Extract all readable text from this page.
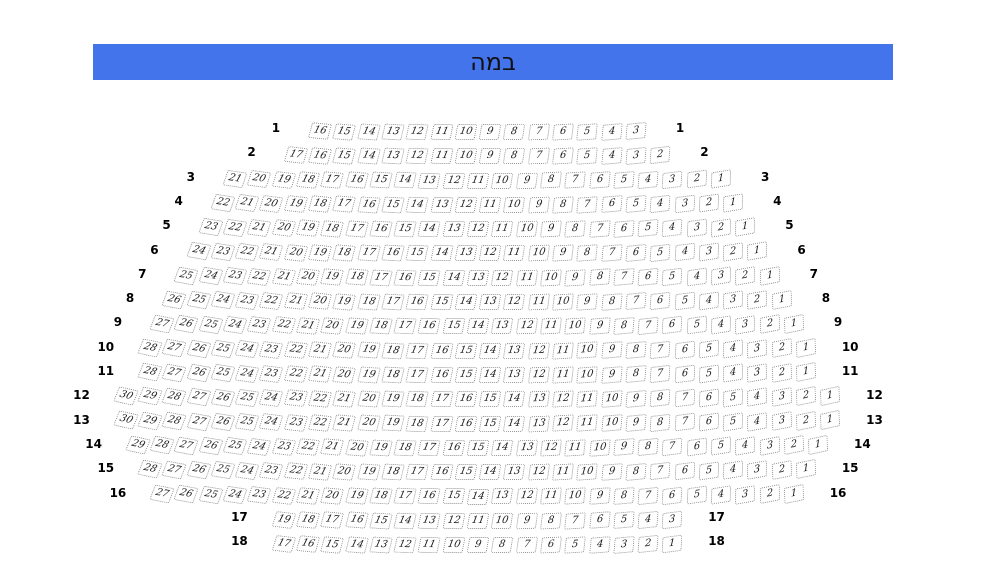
במה
1	1
16 15 14 13 12 11 10	9	8	7	6	5	4	3
2	2
17 16 15 14 13 12 11 10	9	8	7	6	5	4	3	2
3	3
21 20 19 18 17 16 15 14 13 12 11 10	9	8	7	6	5	4	3	2	1
4	4
22 21 20 19 18 17 16 15 14 13 12 11 10	9	8	7	6	5	4	3	2	1
5	5
23 22 21 20 19 18 17 16 15 14 13 12 11 10	9	8	7	6	5	4	3	2	1
6	6
24 23 22 21 20 19 18 17 16 15 14 13 12 11 10	9	8	7	6	5	4	3	2	1
7	7
25 24 23 22 21 20 19 18 17 16 15 14 13 12 11	10	9	8	7	6	5	4	3	2	1
8	8
26 25 24 23 22 21 20 19 18 17 16 15 14 13 12 11	10	9	8	7	6	5	4	3	2	1
9	9
27 26 25 24 23 22 21 20 19 18 17 16 15 14 13 12	11	10	9	8	7	6	5	4	3	2	1
10	10
28 27 26 25 24 23 22 21 20 19 18 17 16 15 14 13 12	11	10	9	8	7	6	5	4	3	2	1
11	11
28 27 26 25 24 23 22 21 20 19 18 17 16 15 14 13 12	11	10	9	8	7	6	5	4	3	2	1
12	12
30 29 28 27 26 25 24 23 22 21 20 19 18 17 16 15 14 13	12	11	10	9	8	7	6	5	4	3	2	1
13	13
30 29 28 27 26 25 24 23 22 21 20 19 18 17 16 15 14 13	12	11	10	9	8	7	6	5	4	3	2	1
14	14
29 28 27 26 25 24 23 22 21 20 19 18 17 16 15 14 13	12	11	10	9	8	7	6	5	4	3	2	1
15	15
28 27 26 25 24 23 22 21 20 19 18 17 16 15 14 13 12	11	10	9	8	7	6	5	4	3	2	1
16	16
27 26 25 24 23 22 21 20 19 18 17 16 15 14 13 12	11	10	9	8	7	6	5	4	3	2	1
17	17
19 18 17 16 15 14 13 12 11 10	9	8	7	6	5	4	3
18	18
17 16 15 14 13 12 11 10	9	8	7	6	5	4	3	2	1
